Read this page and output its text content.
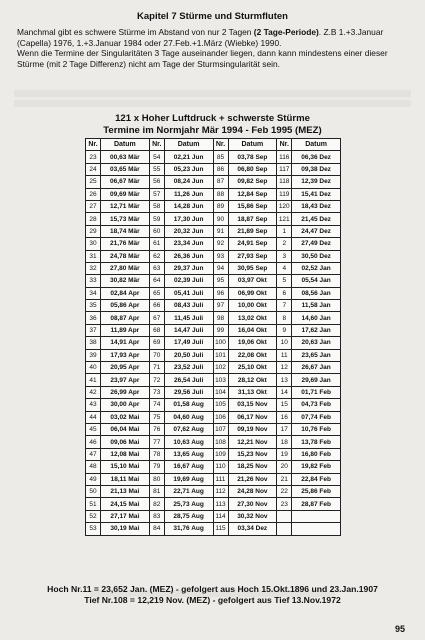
Kapitel 7 Stürme und Sturmfluten

Manchmal gibt es schwere Stürme im Abstand von nur 2 Tagen (2 Tage-Periode). Z.B 1.+3.Januar (Capella) 1976, 1.+3.Januar 1984 oder 27.Feb.+1.März (Wiebke) 1990.

Wenn die Termine der Singularitäten 3 Tage auseinander liegen, dann kann mindestens einer dieser Stürme (mit 2 Tage Differenz) nicht am Tage der Sturmsingularität sein.

121 x Hoher Luftdruck + schwerste Stürme
Termine im Normjahr Mär 1994 - Feb 1995 (MEZ)
Nr.	Datum	Nr.	Datum	Nr.	Datum	Nr.	Datum
23	00,63 Mär	54	02,21 Jun	85	03,78 Sep	116	06,36 Dez
24	03,65 Mär	55	05,23 Jun	86	06,80 Sep	117	09,38 Dez
25	06,67 Mär	56	08,24 Jun	87	09,82 Sep	118	12,39 Dez
26	09,69 Mär	57	11,26 Jun	88	12,84 Sep	119	15,41 Dez
27	12,71 Mär	58	14,28 Jun	89	15,86 Sep	120	18,43 Dez
28	15,73 Mär	59	17,30 Jun	90	18,87 Sep	121	21,45 Dez
29	18,74 Mär	60	20,32 Jun	91	21,89 Sep	1	24,47 Dez
30	21,76 Mär	61	23,34 Jun	92	24,91 Sep	2	27,49 Dez
31	24,78 Mär	62	26,36 Jun	93	27,93 Sep	3	30,50 Dez
32	27,80 Mär	63	29,37 Jun	94	30,95 Sep	4	02,52 Jan
33	30,82 Mär	64	02,39 Juli	95	03,97 Okt	5	05,54 Jan
34	02,84 Apr	65	05,41 Juli	96	06,99 Okt	6	08,56 Jan
35	05,86 Apr	66	08,43 Juli	97	10,00 Okt	7	11,58 Jan
36	08,87 Apr	67	11,45 Juli	98	13,02 Okt	8	14,60 Jan
37	11,89 Apr	68	14,47 Juli	99	16,04 Okt	9	17,62 Jan
38	14,91 Apr	69	17,49 Juli	100	19,06 Okt	10	20,63 Jan
39	17,93 Apr	70	20,50 Juli	101	22,08 Okt	11	23,65 Jan
40	20,95 Apr	71	23,52 Juli	102	25,10 Okt	12	26,67 Jan
41	23,97 Apr	72	26,54 Juli	103	28,12 Okt	13	29,69 Jan
42	26,99 Apr	73	29,56 Juli	104	31,13 Okt	14	01,71 Feb
43	30,00 Apr	74	01,58 Aug	105	03,15 Nov	15	04,73 Feb
44	03,02 Mai	75	04,60 Aug	106	06,17 Nov	16	07,74 Feb
45	06,04 Mai	76	07,62 Aug	107	09,19 Nov	17	10,76 Feb
46	09,06 Mai	77	10,63 Aug	108	12,21 Nov	18	13,78 Feb
47	12,08 Mai	78	13,65 Aug	109	15,23 Nov	19	16,80 Feb
48	15,10 Mai	79	16,67 Aug	110	18,25 Nov	20	19,82 Feb
49	18,11 Mai	80	19,69 Aug	111	21,26 Nov	21	22,84 Feb
50	21,13 Mai	81	22,71 Aug	112	24,28 Nov	22	25,86 Feb
51	24,15 Mai	82	25,73 Aug	113	27,30 Nov	23	28,87 Feb
52	27,17 Mai	83	28,75 Aug	114	30,32 Nov		
53	30,19 Mai	84	31,76 Aug	115	03,34 Dez		
Hoch Nr.11 = 23,652 Jan. (MEZ) - gefolgert aus Hoch 15.Okt.1896 und 23.Jan.1907
Tief Nr.108 = 12,219 Nov. (MEZ) - gefolgert aus Tief 13.Nov.1972
95
